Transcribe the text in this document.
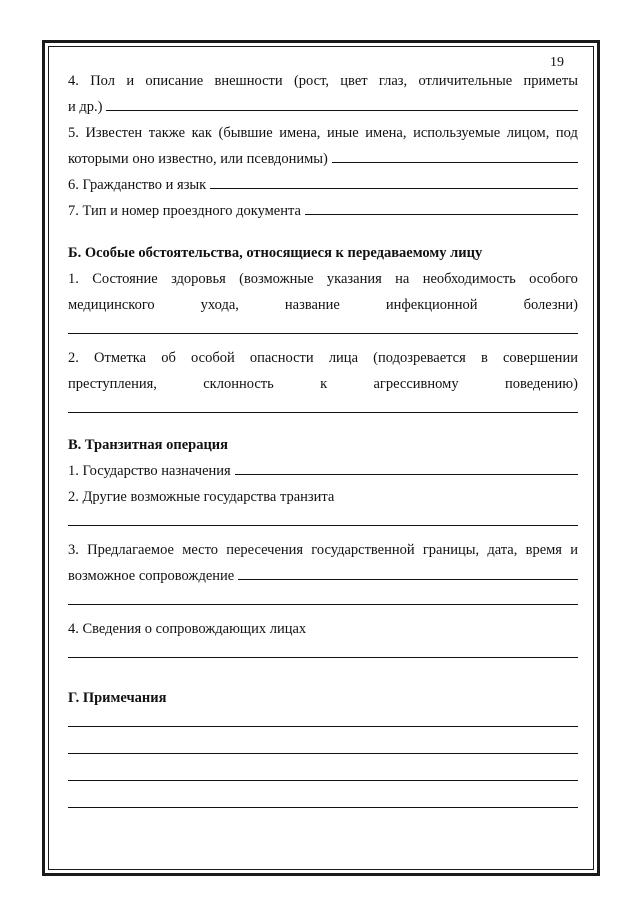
19
4. Пол и описание внешности (рост, цвет глаз, отличительные приметы
и др.)
5. Известен также как (бывшие имена, иные имена, используемые лицом, под
которыми оно известно, или псевдонимы)
6. Гражданство и язык
7. Тип и номер проездного документа
Б. Особые обстоятельства, относящиеся к передаваемому лицу
1. Состояние здоровья (возможные указания на необходимость особого
медицинского	ухода,	название	инфекционной	болезни)
2. Отметка об особой опасности лица (подозревается в совершении
преступления,	склонность	к	агрессивному	поведению)
В. Транзитная операция
1. Государство назначения
2. Другие возможные государства транзита
3. Предлагаемое место пересечения государственной границы, дата, время и
возможное сопровождение
4. Сведения о сопровождающих лицах
Г. Примечания
